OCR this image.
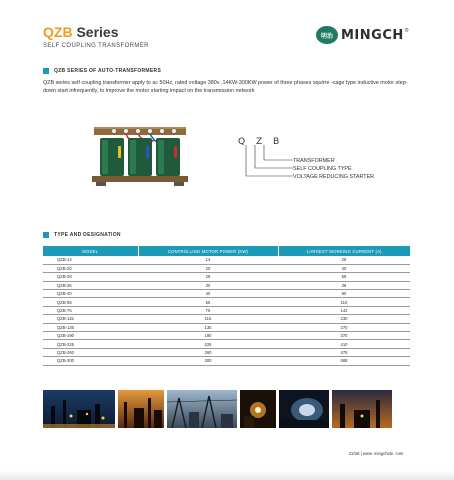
QZB Series
SELF COUPLING TRANSFORMER
明治 MINGCH ®
QZB SERIES OF AUTO-TRANSFORMERS
QZB series self coupling transformer apply to ac 50Hz, rated voltage 380v ,14KW-300KW power of three phases squirre -cage type inductive motor step-down start infrequently, to improve the motor starting impact on the transmission network
Q Z B
TRANSFORMER
SELF COUPLING TYPE
VOLTAGE REDUCING STARTER
TYPE AND DESIGNATION
MODEL	CONTROLLING MOTOR POWER (KW)	LARGEST WORKING CURRENT (A)
QZB-14	14	28
QZB-20	20	40
QZB-28	28	58
QZB-35	30	38
QZB-40	40	80
QZB-55	55	110
QZB-75	75	142
QZB-115	115	230
QZB-135	135	270
QZB-190	190	370
QZB-225	225	410
QZB-260	260	475
QZB-300	300	588
22/28 | www. mingchele. com
